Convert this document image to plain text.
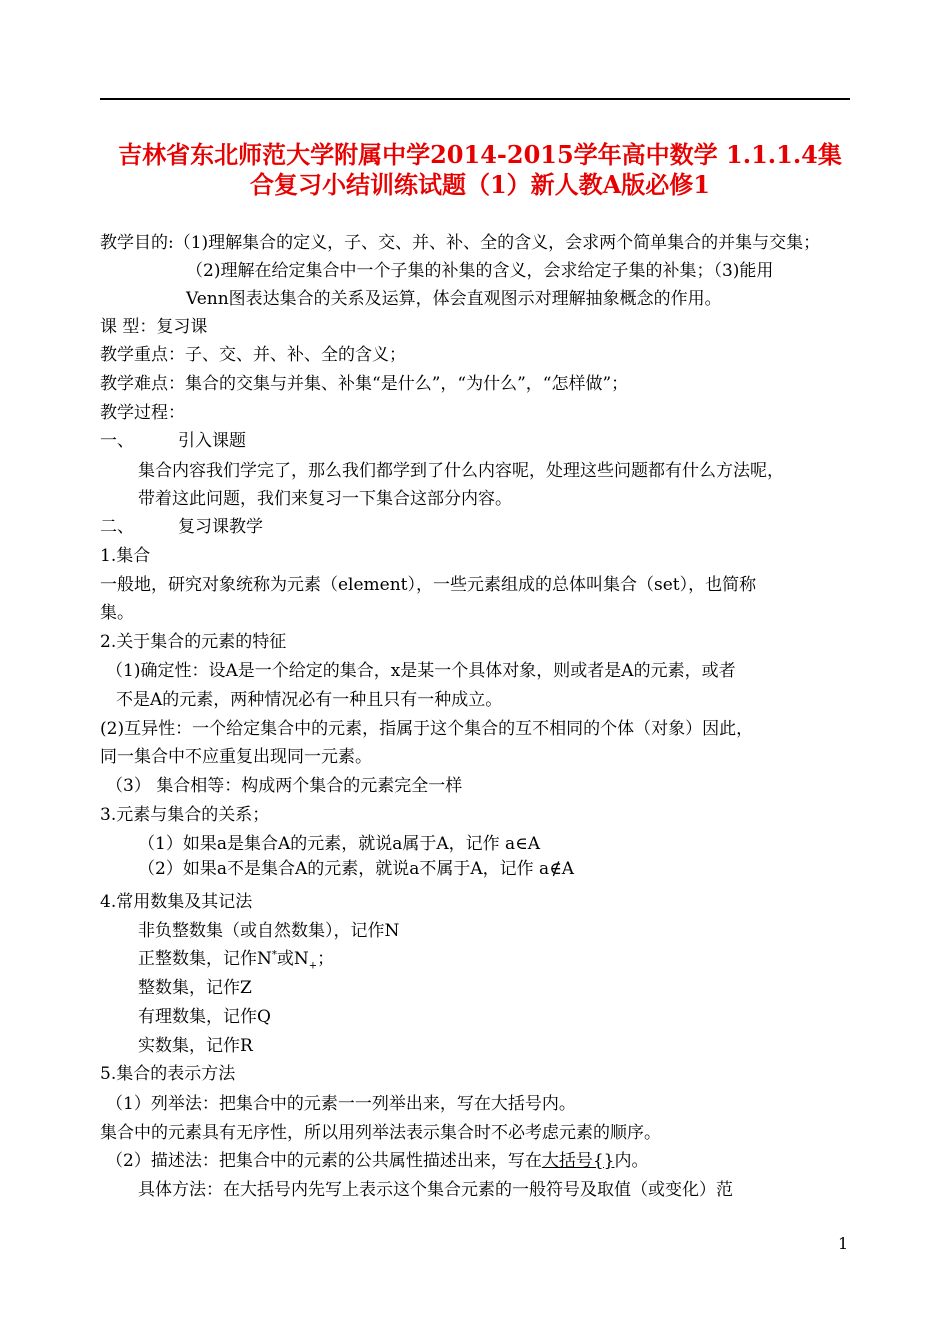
吉林省东北师范大学附属中学2014-2015学年高中数学 1.1.1.4集
合复习小结训练试题（1）新人教A版必修1
教学目的:（1)理解集合的定义，子、交、并、补、全的含义，会求两个简单集合的并集与交集；
（2)理解在给定集合中一个子集的补集的含义，会求给定子集的补集；（3)能用
Venn图表达集合的关系及运算，体会直观图示对理解抽象概念的作用。
课 型：复习课
教学重点：子、交、并、补、全的含义；
教学难点：集合的交集与并集、补集“是什么”，“为什么”，“怎样做”；
教学过程：
一、	引入课题
集合内容我们学完了，那么我们都学到了什么内容呢，处理这些问题都有什么方法呢，
带着这此问题，我们来复习一下集合这部分内容。
二、	复习课教学
1.集合
一般地，研究对象统称为元素（element），一些元素组成的总体叫集合（set），也简称
集。
2.关于集合的元素的特征
（1)确定性：设A是一个给定的集合，x是某一个具体对象，则或者是A的元素，或者
不是A的元素，两种情况必有一种且只有一种成立。
(2)互异性：一个给定集合中的元素，指属于这个集合的互不相同的个体（对象）因此，
同一集合中不应重复出现同一元素。
（3） 集合相等：构成两个集合的元素完全一样
3.元素与集合的关系；
（1）如果a是集合A的元素，就说a属于A，记作 a∈A
（2）如果a不是集合A的元素，就说a不属于A，记作 a∉A
4.常用数集及其记法
非负整数集（或自然数集），记作N
正整数集，记作N*或$N_+$；
整数集，记作Z
有理数集，记作Q
实数集，记作R
5.集合的表示方法
（1）列举法：把集合中的元素一一列举出来，写在大括号内。
集合中的元素具有无序性，所以用列举法表示集合时不必考虑元素的顺序。
（2）描述法：把集合中的元素的公共属性描述出来，写在大括号{}内。
具体方法：在大括号内先写上表示这个集合元素的一般符号及取值（或变化）范
1
